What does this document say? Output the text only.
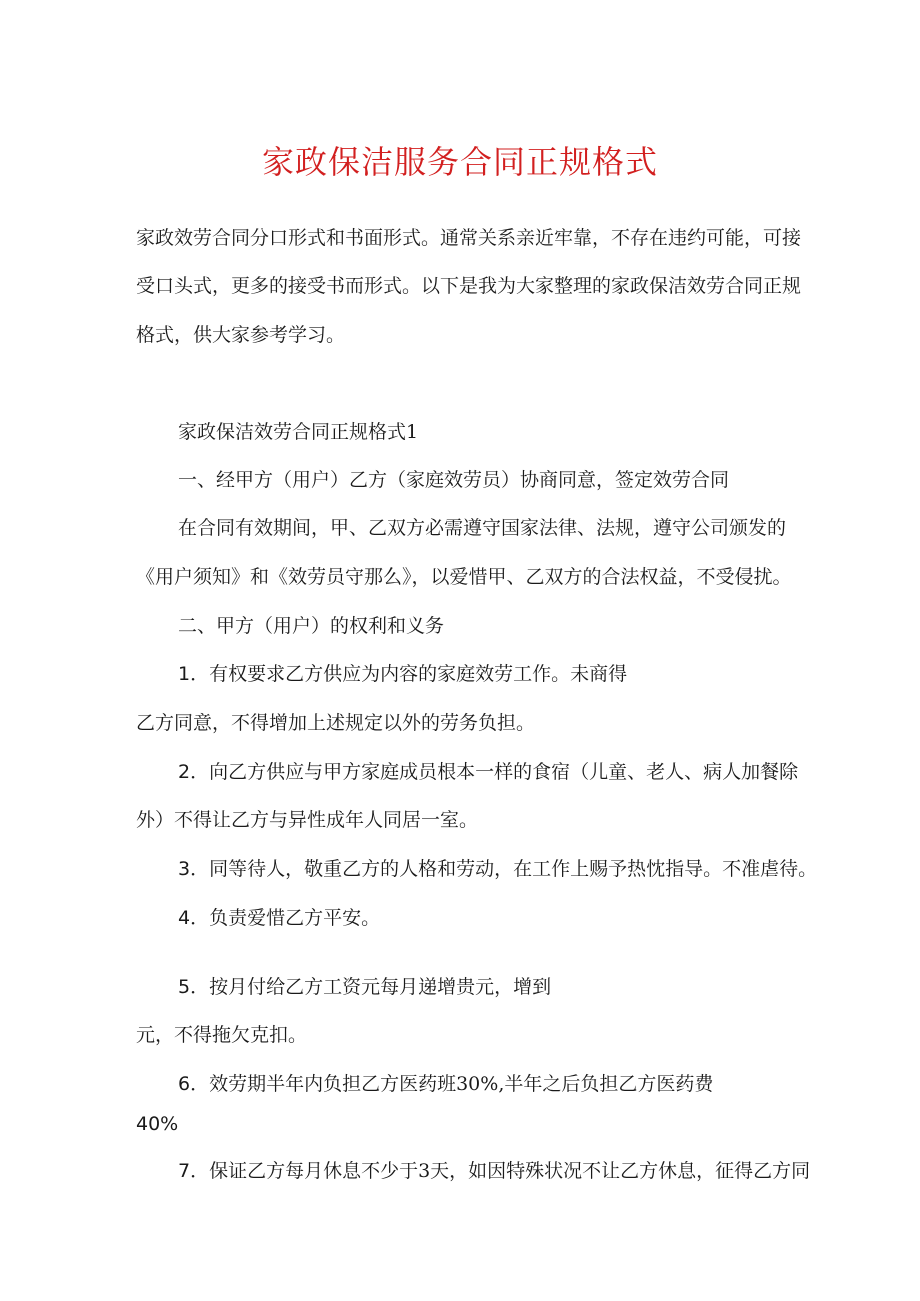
家政保洁服务合同正规格式
家政效劳合同分口形式和书面形式。通常关系亲近牢靠，不存在违约可能，可接
受口头式，更多的接受书而形式。以下是我为大家整理的家政保洁效劳合同正规
格式，供大家参考学习。
家政保洁效劳合同正规格式1
一、经甲方（用户）乙方（家庭效劳员）协商同意，签定效劳合同
在合同有效期间，甲、乙双方必需遵守国家法律、法规，遵守公司颁发的
《用户须知》和《效劳员守那么》，以爱惜甲、乙双方的合法权益，不受侵扰。
二、甲方（用户）的权利和义务
1．有权要求乙方供应为内容的家庭效劳工作。未商得
乙方同意，不得增加上述规定以外的劳务负担。
2．向乙方供应与甲方家庭成员根本一样的食宿（儿童、老人、病人加餐除
外）不得让乙方与异性成年人同居一室。
3．同等待人，敬重乙方的人格和劳动，在工作上赐予热忱指导。不准虐待。
4．负责爱惜乙方平安。
5．按月付给乙方工资元每月递增贵元，增到
元，不得拖欠克扣。
6．效劳期半年内负担乙方医药班30%,半年之后负担乙方医药费
40%
7．保证乙方每月休息不少于3天，如因特殊状况不让乙方休息，征得乙方同
